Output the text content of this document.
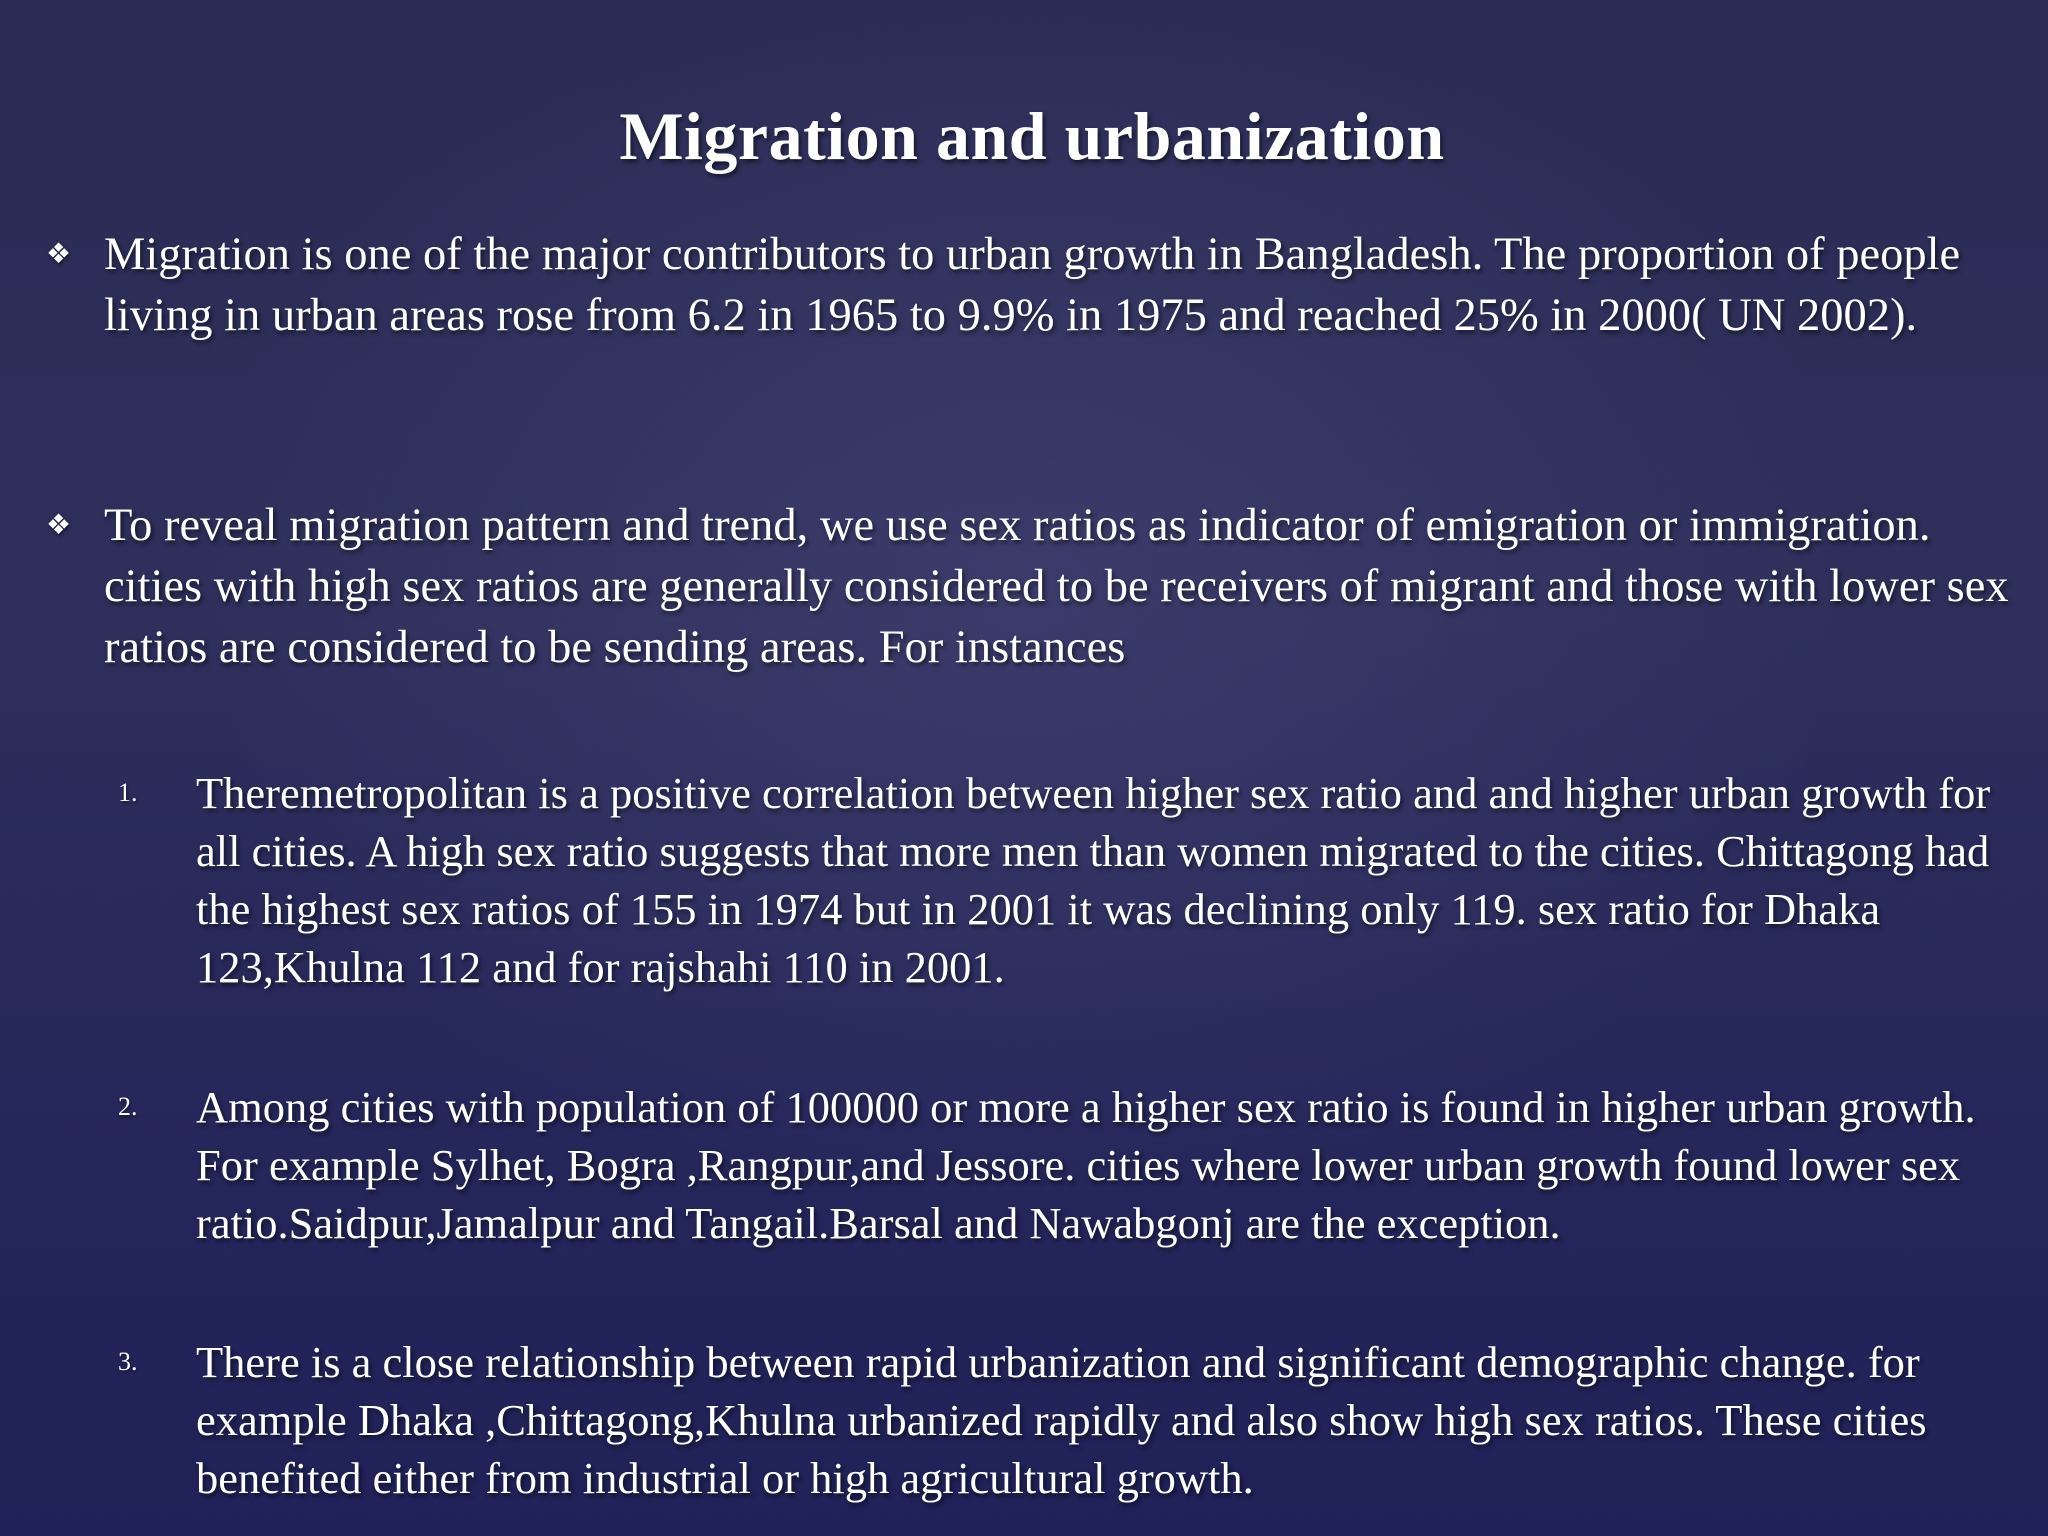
Migration and urbanization
❖ Migration is one of the major contributors to urban growth in Bangladesh. The proportion of people living in urban areas rose from 6.2 in 1965 to 9.9% in 1975 and reached 25% in 2000( UN 2002).
❖ To reveal migration pattern and trend, we use sex ratios as indicator of emigration or immigration. cities with high sex ratios are generally considered to be receivers of migrant and those with lower sex ratios are considered to be sending areas. For instances
1. Theremetropolitan is a positive correlation between higher sex ratio and and higher urban growth for all cities. A high sex ratio suggests that more men than women migrated to the cities. Chittagong had the highest sex ratios of 155 in 1974 but in 2001 it was declining only 119. sex ratio for Dhaka 123,Khulna 112 and for rajshahi 110 in 2001.
2. Among cities with population of 100000 or more a higher sex ratio is found in higher urban growth. For example Sylhet, Bogra ,Rangpur,and Jessore. cities where lower urban growth found lower sex ratio.Saidpur,Jamalpur and Tangail.Barsal and Nawabgonj are the exception.
3. There is a close relationship between rapid urbanization and significant demographic change. for example Dhaka ,Chittagong,Khulna urbanized rapidly and also show high sex ratios. These cities benefited either from industrial or high agricultural growth.
